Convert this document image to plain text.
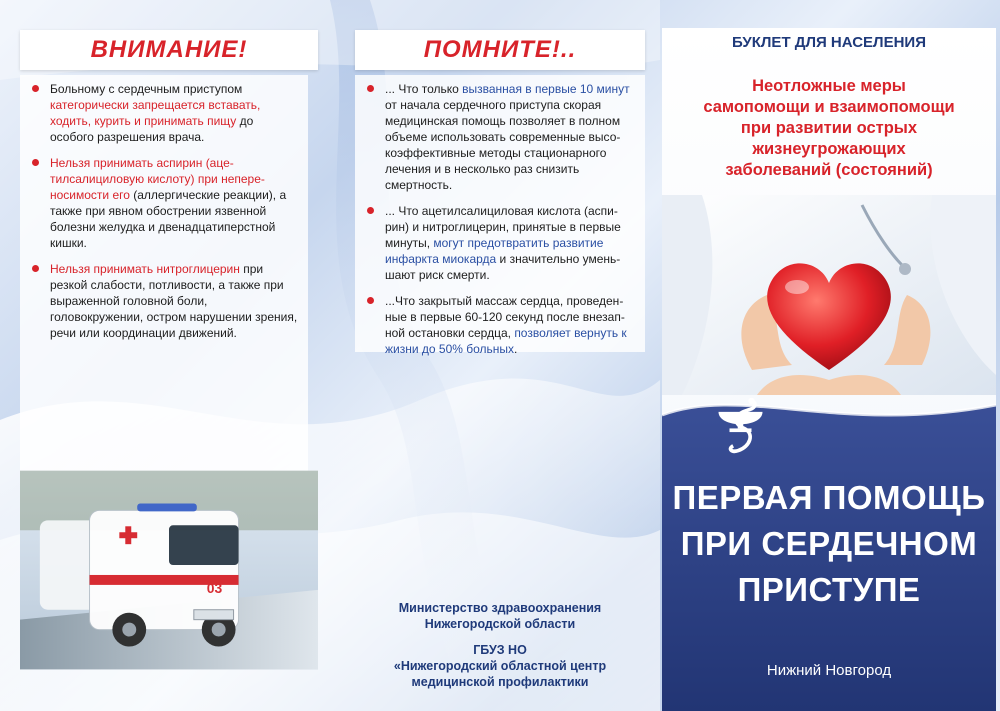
ВНИМАНИЕ!
Больному с сердечным приступом категорически запрещается вставать, ходить, курить и принимать пищу до особого разрешения врача.
Нельзя принимать аспирин (ацетилсалициловую кислоту) при непереносимости его (аллергические реакции), а также при явном обострении язвенной болезни желудка и двенадцатиперстной кишки.
Нельзя принимать нитроглицерин при резкой слабости, потливости, а также при выраженной головной боли, головокружении, остром нарушении зрения, речи или координации движений.
03
ПОМНИТЕ!..
... Что только вызванная в первые 10 минут от начала сердечного приступа скорая медицинская помощь позволяет в полном объеме использовать современные высокоэффективные методы стационарного лечения и в несколько раз снизить смертность.
... Что ацетилсалициловая кислота (аспирин) и нитроглицерин, принятые в первые минуты, могут предотвратить развитие инфаркта миокарда и значительно уменьшают риск смерти.
...Что закрытый массаж сердца, проведенные в первые 60-120 секунд после внезапной остановки сердца, позволяет вернуть к жизни до 50% больных.
Министерство здравоохранения
Нижегородской области
ГБУЗ НО
«Нижегородский областной центр
медицинской профилактики
БУКЛЕТ ДЛЯ НАСЕЛЕНИЯ
Неотложные меры
самопомощи и взаимопомощи
при развитии острых
жизнеугрожающих
заболеваний (состояний)
ПЕРВАЯ ПОМОЩЬ
ПРИ СЕРДЕЧНОМ
ПРИСТУПЕ
Нижний Новгород
